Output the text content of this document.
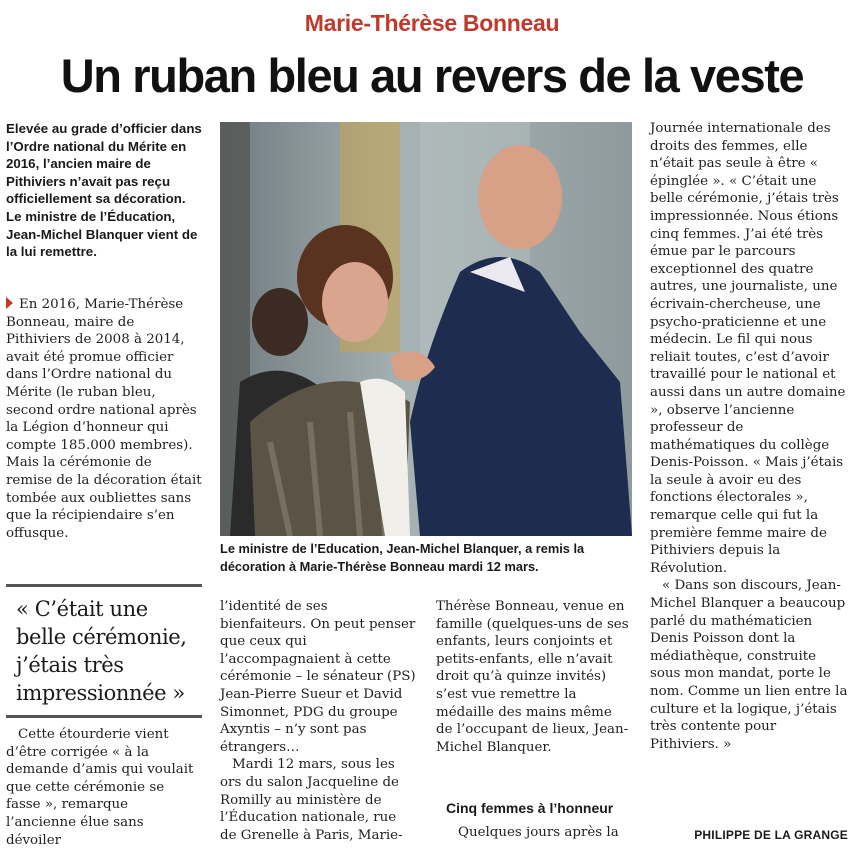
Marie-Thérèse Bonneau
Un ruban bleu au revers de la veste
Elevée au grade d’officier dans l’Ordre national du Mérite en 2016, l’ancien maire de Pithiviers n’avait pas reçu officiellement sa décoration. Le ministre de l’Éducation, Jean-Michel Blanquer vient de la lui remettre.

En 2016, Marie-Thérèse Bonneau, maire de Pithiviers de 2008 à 2014, avait été promue officier dans l’Ordre national du Mérite (le ruban bleu, second ordre national après la Légion d’honneur qui compte 185.000 membres). Mais la cérémonie de remise de la décoration était tombée aux oubliettes sans que la récipiendaire s’en offusque.

« C’était une belle cérémonie, j’étais très impressionnée »

Cette étourderie vient d’être corrigée « à la demande d’amis qui voulait que cette cérémonie se fasse », remarque l’ancienne élue sans dévoiler

Le ministre de l’Education, Jean-Michel Blanquer, a remis la décoration à Marie-Thérèse Bonneau mardi 12 mars.

l’identité de ses bienfaiteurs. On peut penser que ceux qui l’accompagnaient à cette cérémonie – le sénateur (PS) Jean-Pierre Sueur et David Simonnet, PDG du groupe Axyntis – n’y sont pas étrangers…

Mardi 12 mars, sous les ors du salon Jacqueline de Romilly au ministère de l’Éducation nationale, rue de Grenelle à Paris, Marie-

Thérèse Bonneau, venue en famille (quelques-uns de ses enfants, leurs conjoints et petits-enfants, elle n’avait droit qu’à quinze invités) s’est vue remettre la médaille des mains même de l’occupant de lieux, Jean-Michel Blanquer.

Cinq femmes à l’honneur

Quelques jours après la

Journée internationale des droits des femmes, elle n’était pas seule à être « épinglée ». « C’était une belle cérémonie, j’étais très impressionnée. Nous étions cinq femmes. J’ai été très émue par le parcours exceptionnel des quatre autres, une journaliste, une écrivain-chercheuse, une psycho-praticienne et une médecin. Le fil qui nous reliait toutes, c’est d’avoir travaillé pour le national et aussi dans un autre domaine », observe l’ancienne professeur de mathématiques du collège Denis-Poisson. « Mais j’étais la seule à avoir eu des fonctions électorales », remarque celle qui fut la première femme maire de Pithiviers depuis la Révolution.

« Dans son discours, Jean-Michel Blanquer a beaucoup parlé du mathématicien Denis Poisson dont la médiathèque, construite sous mon mandat, porte le nom. Comme un lien entre la culture et la logique, j’étais très contente pour Pithiviers. »

PHILIPPE DE LA GRANGE
